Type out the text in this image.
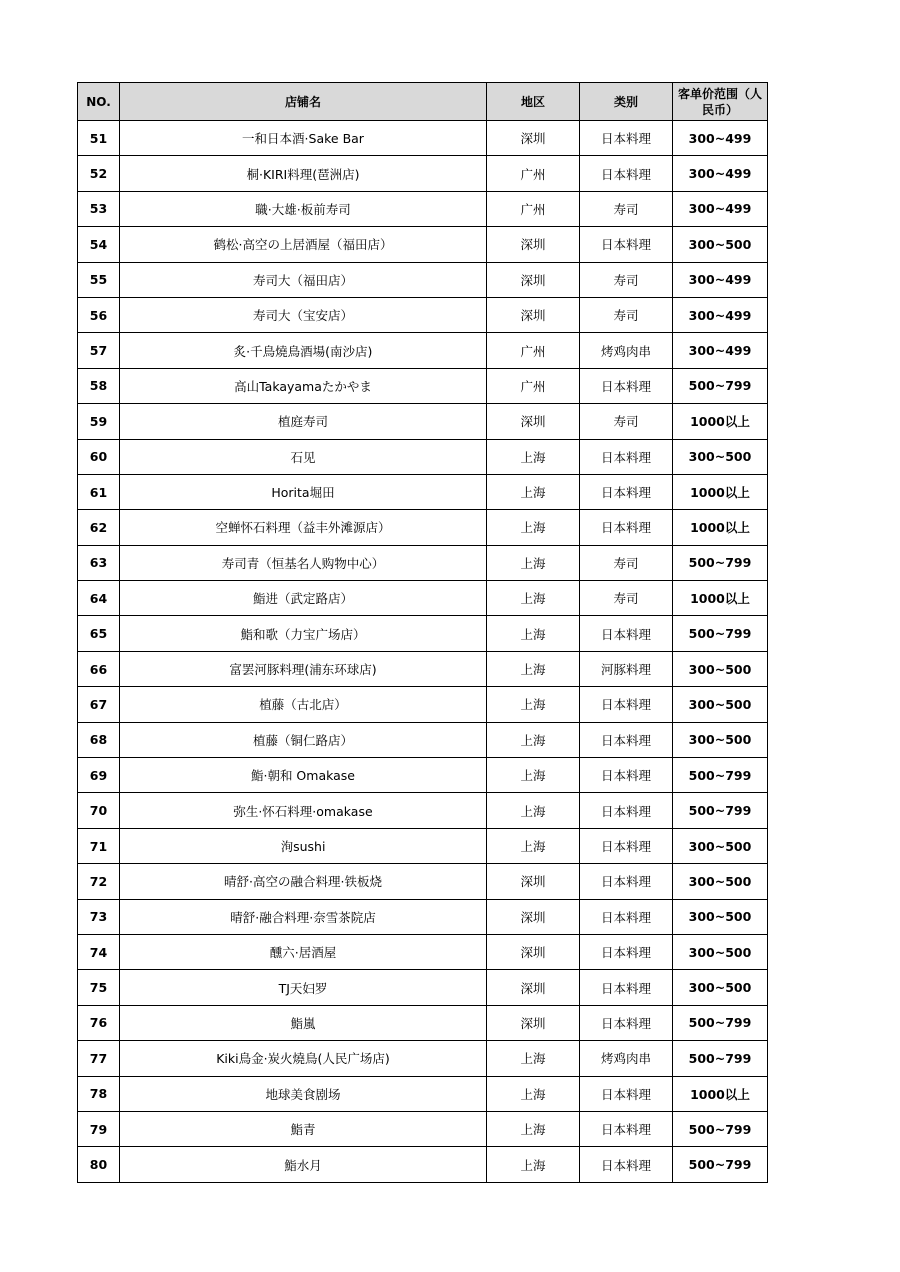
NO.	店铺名	地区	类别	客单价范围（人民币）
51	一和日本酒·Sake Bar	深圳	日本料理	300~499
52	桐·KIRI料理(琶洲店)	广州	日本料理	300~499
53	職·大雄·板前寿司	广州	寿司	300~499
54	鹤松·高空の上居酒屋（福田店）	深圳	日本料理	300~500
55	寿司大（福田店）	深圳	寿司	300~499
56	寿司大（宝安店）	深圳	寿司	300~499
57	炙·千鳥燒鳥酒場(南沙店)	广州	烤鸡肉串	300~499
58	高山Takayamaたかやま	广州	日本料理	500~799
59	植庭寿司	深圳	寿司	1000以上
60	石见	上海	日本料理	300~500
61	Horita堀田	上海	日本料理	1000以上
62	空蝉怀石料理（益丰外滩源店）	上海	日本料理	1000以上
63	寿司青（恒基名人购物中心）	上海	寿司	500~799
64	鮨进（武定路店）	上海	寿司	1000以上
65	鮨和歌（力宝广场店）	上海	日本料理	500~799
66	富罢河豚料理(浦东环球店)	上海	河豚料理	300~500
67	植藤（古北店）	上海	日本料理	300~500
68	植藤（铜仁路店）	上海	日本料理	300~500
69	鮨·朝和 Omakase	上海	日本料理	500~799
70	弥生·怀石料理·omakase	上海	日本料理	500~799
71	洵sushi	上海	日本料理	300~500
72	晴舒·高空の融合料理·铁板烧	深圳	日本料理	300~500
73	晴舒·融合料理·奈雪茶院店	深圳	日本料理	300~500
74	醺六·居酒屋	深圳	日本料理	300~500
75	TJ天妇罗	深圳	日本料理	300~500
76	鮨嵐	深圳	日本料理	500~799
77	Kiki鳥金·炭火燒鳥(人民广场店)	上海	烤鸡肉串	500~799
78	地球美食剧场	上海	日本料理	1000以上
79	鮨青	上海	日本料理	500~799
80	鮨水月	上海	日本料理	500~799
